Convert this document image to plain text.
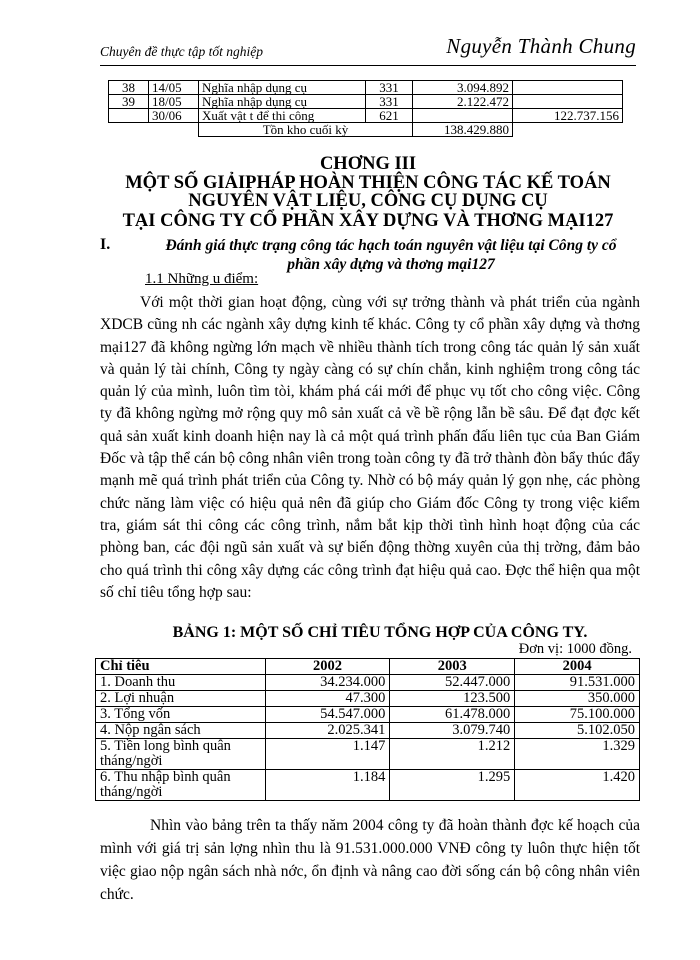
Chuyên đề thực tập tốt nghiệp	Nguyễn Thành Chung
38	14/05	Nghĩa nhập dụng cụ	331	3.094.892	
39	18/05	Nghĩa nhập dụng cụ	331	2.122.472	
	30/06	Xuất vật t để thi công	621		122.737.156
		Tồn kho cuối kỳ		138.429.880	
CHƠNG III
MỘT SỐ GIẢIPHÁP HOÀN THIỆN CÔNG TÁC KẾ TOÁN
NGUYÊN VẬT LIỆU, CÔNG CỤ DỤNG CỤ
TẠI CÔNG TY CỔ PHẦN XÂY DỰNG VÀ THƠNG MẠI127
I.	Đánh giá thực trạng công tác hạch toán nguyên vật liệu tại Công ty cổ phần xây dựng và thơng mại127
1.1 Những u điểm:
Với một thời gian hoạt động, cùng với sự trởng thành và phát triển của ngành XDCB cũng nh các ngành xây dựng kinh tế khác. Công ty cổ phần xây dựng và thơng mại127 đã không ngừng lớn mạch về nhiều thành tích trong công tác quản lý sản xuất và quản lý tài chính, Công ty ngày càng có sự chín chắn, kinh nghiệm trong công tác quản lý của mình, luôn tìm tòi, khám phá cái mới để phục vụ tốt cho công việc. Công ty đã không ngừng mở rộng quy mô sản xuất cả về bề rộng lẫn bề sâu. Để đạt đợc kết quả sản xuất kinh doanh hiện nay là cả một quá trình phấn đấu liên tục của Ban Giám Đốc và tập thể cán bộ công nhân viên trong toàn công ty đã trở thành đòn bẩy thúc đẩy mạnh mẽ quá trình phát triển của Công ty. Nhờ có bộ máy quản lý gọn nhẹ, các phòng chức năng làm việc có hiệu quả nên đã giúp cho Giám đốc Công ty trong việc kiểm tra, giám sát thi công các công trình, nắm bắt kịp thời tình hình hoạt động của các phòng ban, các đội ngũ sản xuất và sự biến động thờng xuyên của thị trờng, đảm bảo cho quá trình thi công xây dựng các công trình đạt hiệu quả cao. Đợc thể hiện qua một số chỉ tiêu tổng hợp sau:
BẢNG 1: MỘT SỐ CHỈ TIÊU TỔNG HỢP CỦA CÔNG TY.
Đơn vị: 1000 đồng.
Chỉ tiêu	2002	2003	2004
1. Doanh thu	34.234.000	52.447.000	91.531.000
2. Lợi nhuận	47.300	123.500	350.000
3. Tổng vốn	54.547.000	61.478.000	75.100.000
4. Nộp ngân sách	2.025.341	3.079.740	5.102.050
5. Tiền long bình quân tháng/ngời	1.147	1.212	1.329
6. Thu nhập bình quân tháng/ngời	1.184	1.295	1.420
Nhìn vào bảng trên ta thấy năm 2004 công ty đã hoàn thành đợc kế hoạch của mình với giá trị sản lợng nhìn thu là 91.531.000.000 VNĐ công ty luôn thực hiện tốt việc giao nộp ngân sách nhà nớc, ổn định và nâng cao đời sống cán bộ công nhân viên chức.
